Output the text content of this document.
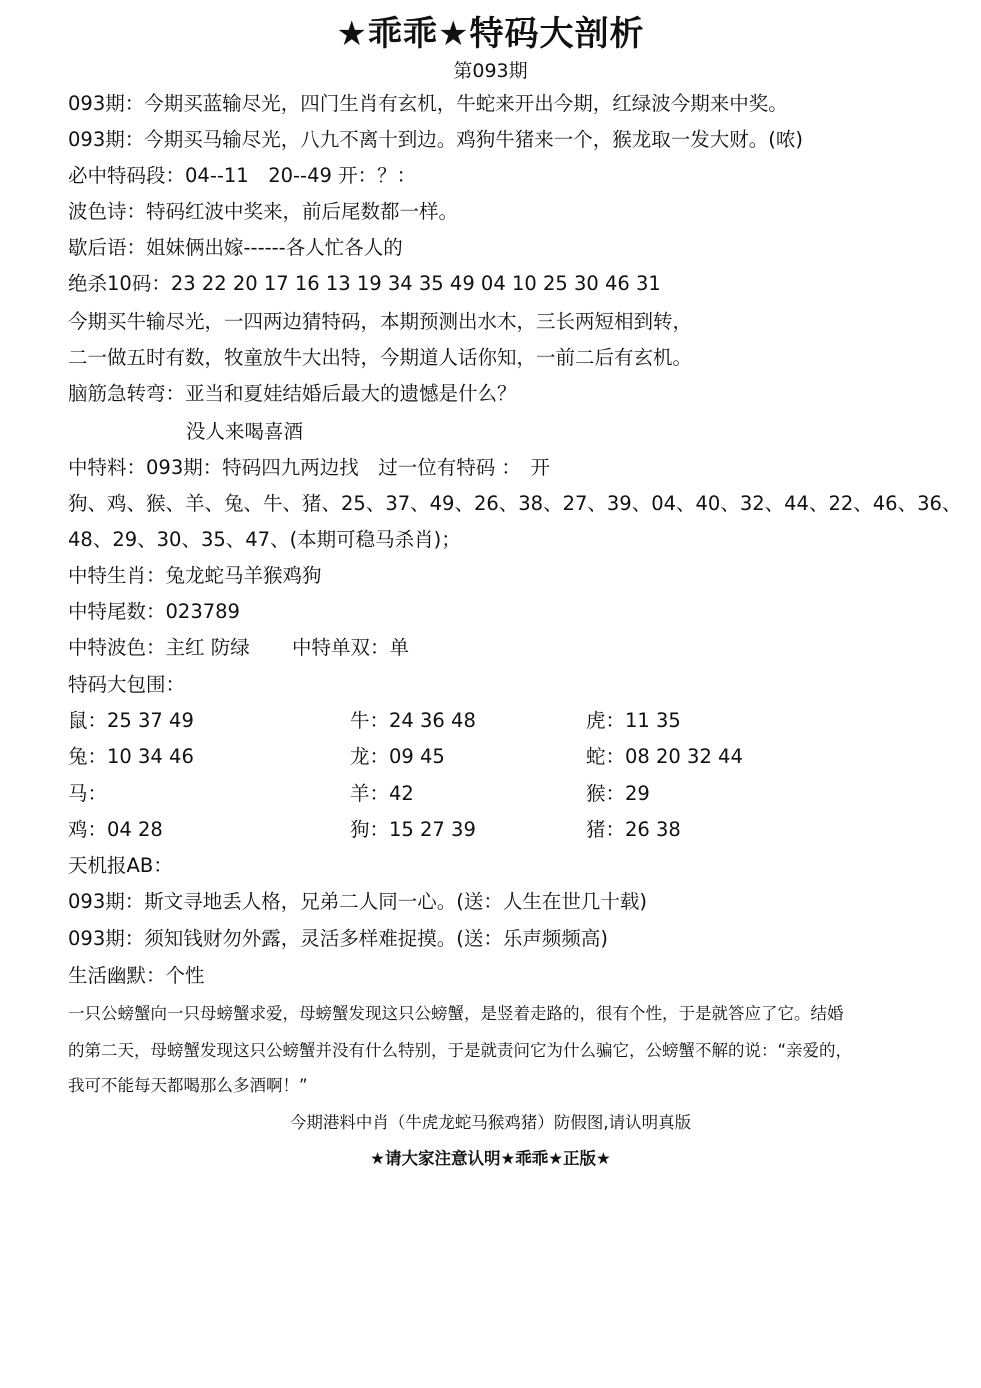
★乖乖★特码大剖析
第093期
093期：今期买蓝输尽光，四门生肖有玄机，牛蛇来开出今期，红绿波今期来中奖。
093期：今期买马输尽光，八九不离十到边。鸡狗牛猪来一个，猴龙取一发大财。(哝)
必中特码段：04--11　20--49 开：？：
波色诗：特码红波中奖来，前后尾数都一样。
歇后语：姐妹俩出嫁------各人忙各人的
绝杀10码：23 22 20 17 16 13 19 34 35 49 04 10 25 30 46 31
今期买牛输尽光，一四两边猜特码，本期预测出水木，三长两短相到转，
二一做五时有数，牧童放牛大出特，今期道人话你知，一前二后有玄机。
脑筋急转弯：亚当和夏娃结婚后最大的遗憾是什么？
没人来喝喜酒
中特料：093期：特码四九两边找　过一位有特码 ：　开
狗、鸡、猴、羊、兔、牛、猪、25、37、49、26、38、27、39、04、40、32、44、22、46、36、
48、29、30、35、47、(本期可稳马杀肖)；
中特生肖：兔龙蛇马羊猴鸡狗
中特尾数：023789
中特波色：主红 防绿 中特单双：单
特码大包围：
鼠：25 37 49	牛：24 36 48	虎：11 35
兔：10 34 46	龙：09 45	蛇：08 20 32 44
马：	羊：42	猴：29
鸡：04 28	狗：15 27 39	猪：26 38
天机报AB：
093期：斯文寻地丢人格，兄弟二人同一心。(送：人生在世几十载)
093期：须知钱财勿外露，灵活多样难捉摸。(送：乐声频频高)
生活幽默：个性
一只公螃蟹向一只母螃蟹求爱，母螃蟹发现这只公螃蟹，是竖着走路的，很有个性，于是就答应了它。结婚
的第二天，母螃蟹发现这只公螃蟹并没有什么特别，于是就责问它为什么骗它，公螃蟹不解的说：“亲爱的，
我可不能每天都喝那么多酒啊！”
今期港料中肖（牛虎龙蛇马猴鸡猪）防假图,请认明真版
★请大家注意认明★乖乖★正版★
